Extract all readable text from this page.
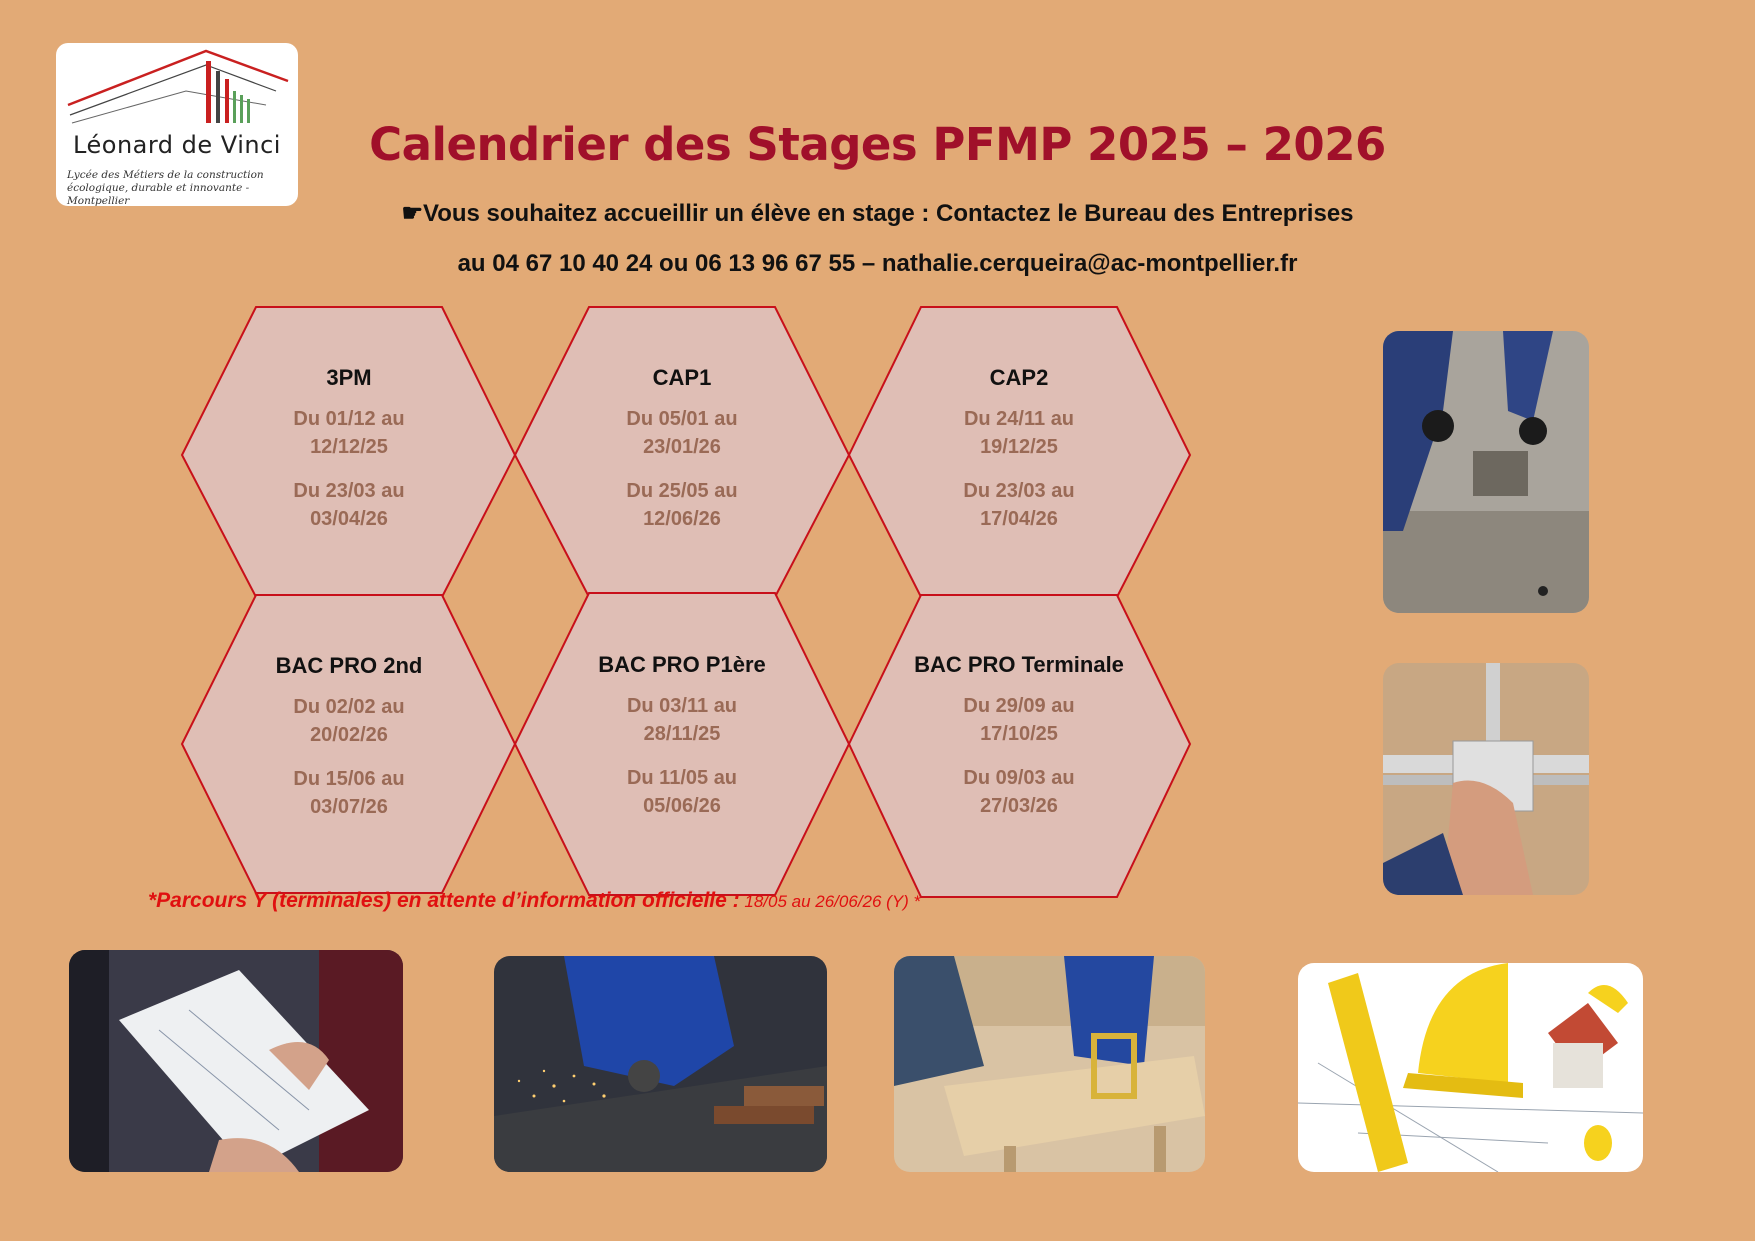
Léonard de Vinci
Lycée des Métiers de la construction
écologique, durable et innovante - Montpellier
Calendrier des Stages PFMP 2025 – 2026
☛Vous souhaitez accueillir un élève en stage : Contactez le Bureau des Entreprises
au 04 67 10 40 24 ou 06 13 96 67 55 – nathalie.cerqueira@ac-montpellier.fr
3PM
Du 01/12 au
12/12/25
Du 23/03 au
03/04/26
CAP1
Du 05/01 au
23/01/26
Du 25/05 au
12/06/26
CAP2
Du 24/11 au
19/12/25
Du 23/03 au
17/04/26
BAC PRO 2nd
Du 02/02 au
20/02/26
Du 15/06 au
03/07/26
BAC PRO P1ère
Du 03/11 au
28/11/25
Du 11/05 au
05/06/26
BAC PRO Terminale
Du 29/09 au
17/10/25
Du 09/03 au
27/03/26
*Parcours Y (terminales) en attente d’information officielle : 18/05 au 26/06/26 (Y) *
